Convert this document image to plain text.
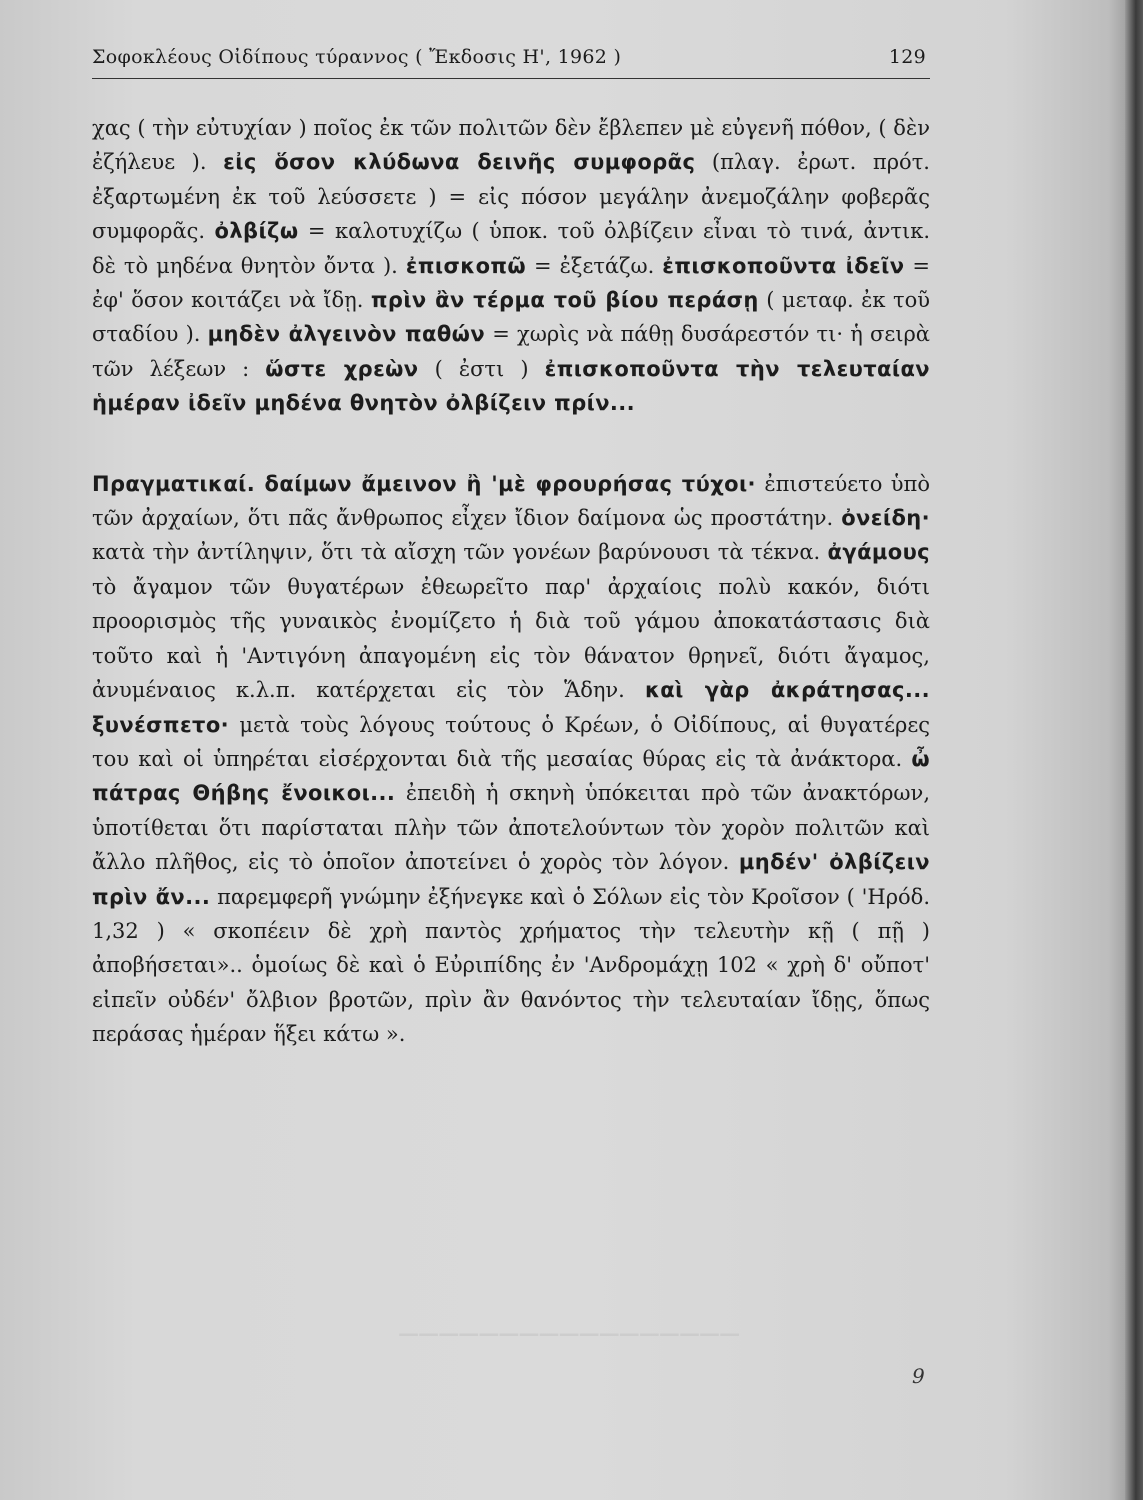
─────────────────
Σοφοκλέους Οἰδίπους τύραννος ( Ἔκδοσις Η', 1962 )	129

χας ( τὴν εὐτυχίαν ) ποῖος ἐκ τῶν πολιτῶν δὲν ἔβλεπεν μὲ εὐγενῆ πόθον, ( δὲν ἐζήλευε ). εἰς ὅσον κλύδωνα δεινῆς συμφορᾶς (πλαγ. ἐρωτ. πρότ. ἐξαρτωμένη ἐκ τοῦ λεύσσετε ) = εἰς πόσον μεγάλην ἀνεμοζάλην φοβερᾶς συμφορᾶς. ὀλβίζω = καλοτυχίζω ( ὑποκ. τοῦ ὀλβίζειν εἶναι τὸ τινά, ἀντικ. δὲ τὸ μηδένα θνητὸν ὄντα ). ἐπισκοπῶ = ἐξετάζω. ἐπισκοποῦντα ἰδεῖν = ἐφ' ὅσον κοιτάζει νὰ ἴδῃ. πρὶν ἂν τέρμα τοῦ βίου περάσῃ ( μεταφ. ἐκ τοῦ σταδίου ). μηδὲν ἀλγεινὸν παθών = χωρὶς νὰ πάθῃ δυσάρεστόν τι· ἡ σειρὰ τῶν λέξεων : ὥστε χρεὼν ( ἐστι ) ἐπισκοποῦντα τὴν τελευταίαν ἡμέραν ἰδεῖν μηδένα θνητὸν ὀλβίζειν πρίν...

Πραγματικαί. δαίμων ἄμεινον ἢ 'μὲ φρουρήσας τύχοι· ἐπιστεύετο ὑπὸ τῶν ἀρχαίων, ὅτι πᾶς ἄνθρωπος εἶχεν ἴδιον δαίμονα ὡς προστάτην. ὀνείδη· κατὰ τὴν ἀντίληψιν, ὅτι τὰ αἴσχη τῶν γονέων βαρύνουσι τὰ τέκνα. ἀγάμους τὸ ἄγαμον τῶν θυγατέρων ἐθεωρεῖτο παρ' ἀρχαίοις πολὺ κακόν, διότι προορισμὸς τῆς γυναικὸς ἐνομίζετο ἡ διὰ τοῦ γάμου ἀποκατάστασις διὰ τοῦτο καὶ ἡ 'Αντιγόνη ἀπαγομένη εἰς τὸν θάνατον θρηνεῖ, διότι ἄγαμος, ἀνυμέναιος κ.λ.π. κατέρχεται εἰς τὸν Ἅδην. καὶ γὰρ ἀκράτησας... ξυνέσπετο· μετὰ τοὺς λόγους τούτους ὁ Κρέων, ὁ Οἰδίπους, αἱ θυγατέρες του καὶ οἱ ὑπηρέται εἰσέρχονται διὰ τῆς μεσαίας θύρας εἰς τὰ ἀνάκτορα. ὦ πάτρας Θήβης ἔνοικοι... ἐπειδὴ ἡ σκηνὴ ὑπόκειται πρὸ τῶν ἀνακτόρων, ὑποτίθεται ὅτι παρίσταται πλὴν τῶν ἀποτελούντων τὸν χορὸν πολιτῶν καὶ ἄλλο πλῆθος, εἰς τὸ ὁποῖον ἀποτείνει ὁ χορὸς τὸν λόγον. μηδέν' ὀλβίζειν πρὶν ἄν... παρεμφερῆ γνώμην ἐξήνεγκε καὶ ὁ Σόλων εἰς τὸν Κροῖσον ( 'Ηρόδ. 1,32 ) « σκοπέειν δὲ χρὴ παντὸς χρήματος τὴν τελευτὴν κῇ ( πῇ ) ἀποβήσεται».. ὁμοίως δὲ καὶ ὁ Εὐριπίδης ἐν 'Ανδρομάχῃ 102 « χρὴ δ' οὔποτ' εἰπεῖν οὐδέν' ὄλβιον βροτῶν, πρὶν ἂν θανόντος τὴν τελευταίαν ἴδῃς, ὅπως περάσας ἡμέραν ἥξει κάτω ».

9
